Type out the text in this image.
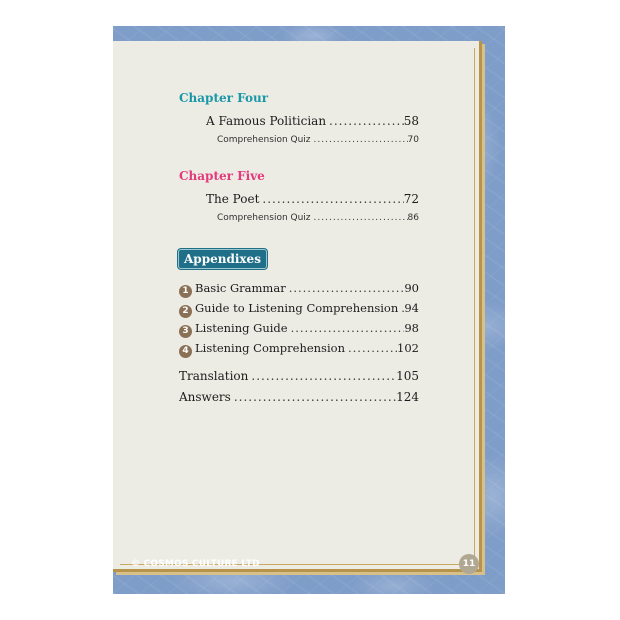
Chapter Four
A Famous Politician .....	58
Comprehension Quiz .....	70
Chapter Five
The Poet .....	72
Comprehension Quiz .....	86
Appendixes
1 Basic Grammar .....	90
2 Guide to Listening Comprehension ..... 94
3 Listening Guide .....	98
4 Listening Comprehension .....	102
Translation .....	105
Answers .....	124
© COSMOS CULTURE LTD	11
